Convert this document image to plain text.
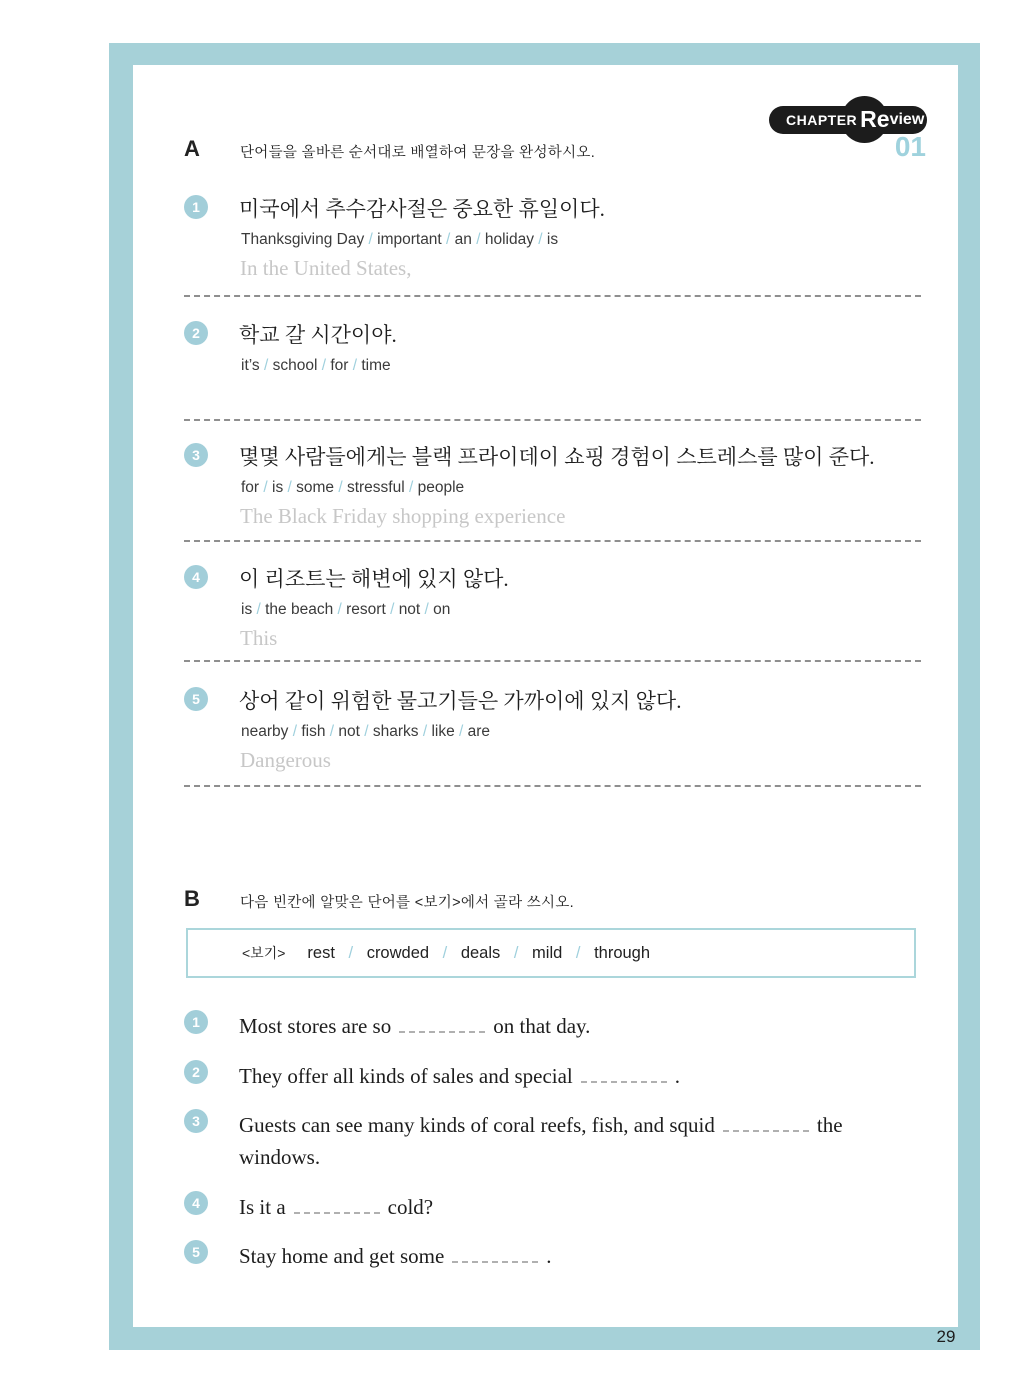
29
CHAPTER Re view
01
A	단어들을 올바른 순서대로 배열하여 문장을 완성하시오.
1	미국에서 추수감사절은 중요한 휴일이다.
Thanksgiving Day / important / an / holiday / is
In the United States,
2	학교 갈 시간이야.
it’s / school / for / time
3	몇몇 사람들에게는 블랙 프라이데이 쇼핑 경험이 스트레스를 많이 준다.
for / is / some / stressful / people
The Black Friday shopping experience
4	이 리조트는 해변에 있지 않다.
is / the beach / resort / not / on
This
5	상어 같이 위험한 물고기들은 가까이에 있지 않다.
nearby / fish / not / sharks / like / are
Dangerous
B	다음 빈칸에 알맞은 단어를 <보기>에서 골라 쓰시오.
<보기> rest / crowded / deals / mild / through
1	Most stores are so	on that day.
2	They offer all kinds of sales and special	.
3	Guests can see many kinds of coral reefs, fish, and squid	the windows.
4	Is it a	cold?
5	Stay home and get some	.
